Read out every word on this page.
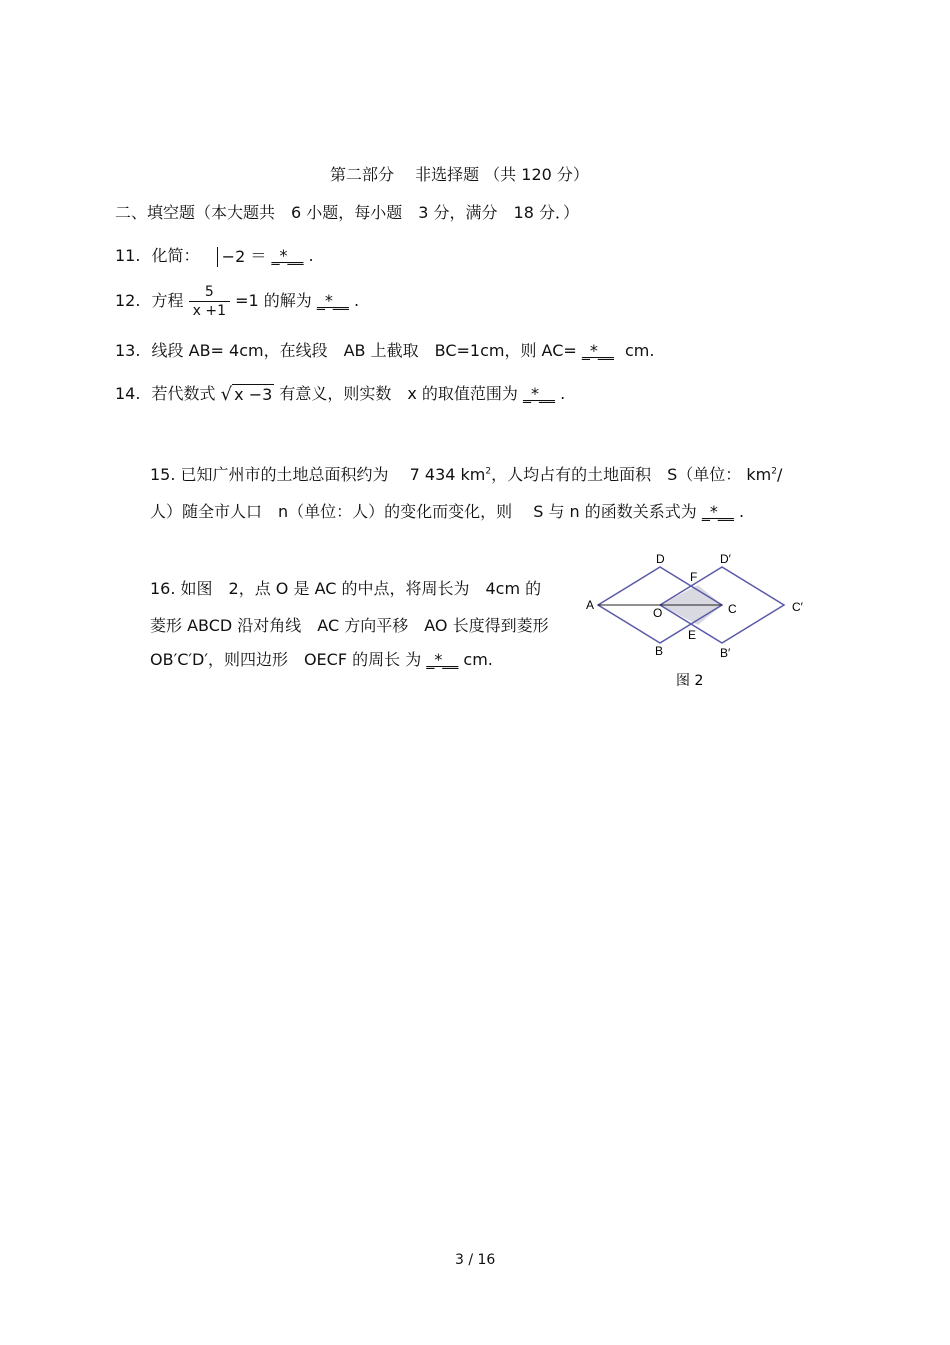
第二部分　 非选择题 （共 120 分）
二、填空题（本大题共　6 小题，每小题　3 分，满分　18 分．）
11. 化简： −2 ＝ _*__ .
12. 方程 $\frac{5}{x +1} =1$ 的解为 _*__ .
13. 线段 AB= 4cm，在线段　AB 上截取　BC=1cm，则 AC= _*__ cm.
14. 若代数式 √ x −3 有意义，则实数　x 的取值范围为 _*__ .
15. 已知广州市的土地总面积约为　 7 434 $km^2$，人均占有的土地面积　S（单位： $km^2/$
人）随全市人口　n（单位：人）的变化而变化，则　 S 与 n 的函数关系式为 _*__ .
16. 如图　2，点 O 是 AC 的中点，将周长为　4cm 的
菱形 ABCD 沿对角线　AC 方向平移　AO 长度得到菱形
OB′C′D′，则四边形　OECF 的周长 为 _*__ cm.
D	D′
F
A
O	C	C′
E
B	B′
图 2
3 / 16
